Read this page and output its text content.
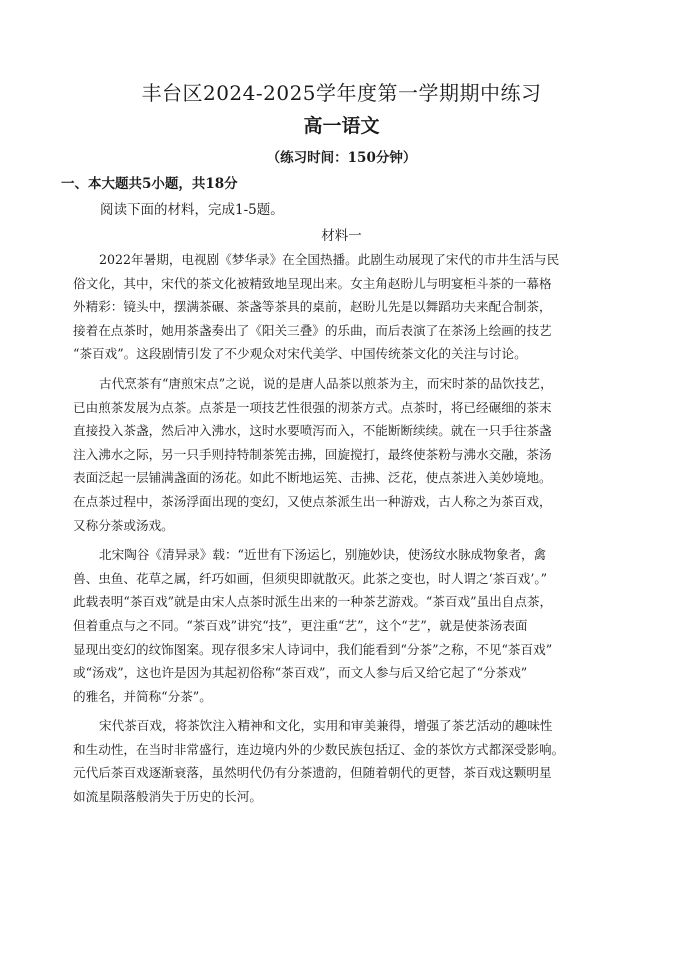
丰台区2024-2025学年度第一学期期中练习
高一语文
（练习时间：150分钟）
一、本大题共5小题，共18分
阅读下面的材料，完成1-5题。
材料一
2022年暑期，电视剧《梦华录》在全国热播。此剧生动展现了宋代的市井生活与民
俗文化，其中，宋代的茶文化被精致地呈现出来。女主角赵盼儿与明宴柜斗茶的一幕格
外精彩：镜头中，摆满茶碾、茶盏等茶具的桌前，赵盼儿先是以舞蹈功夫来配合制茶，
接着在点茶时，她用茶盏奏出了《阳关三叠》的乐曲，而后表演了在茶汤上绘画的技艺
“茶百戏”。这段剧情引发了不少观众对宋代美学、中国传统茶文化的关注与讨论。
古代烹茶有“唐煎宋点”之说，说的是唐人品茶以煎茶为主，而宋时茶的品饮技艺，
已由煎茶发展为点茶。点茶是一项技艺性很强的沏茶方式。点茶时，将已经碾细的茶末
直接投入茶盏，然后冲入沸水，这时水要喷泻而入，不能断断续续。就在一只手往茶盏
注入沸水之际，另一只手则持特制茶筅击拂，回旋搅打，最终使茶粉与沸水交融，茶汤
表面泛起一层铺满盏面的汤花。如此不断地运筅、击拂、泛花，使点茶进入美妙境地。
在点茶过程中，茶汤浮面出现的变幻，又使点茶派生出一种游戏，古人称之为茶百戏，
又称分茶或汤戏。
北宋陶谷《清异录》载：“近世有下汤运匕，别施妙诀，使汤纹水脉成物象者，禽
兽、虫鱼、花草之属，纤巧如画，但须臾即就散灭。此茶之变也，时人谓之‘茶百戏’。”
此载表明“茶百戏”就是由宋人点茶时派生出来的一种茶艺游戏。“茶百戏”虽出自点茶，
但着重点与之不同。“茶百戏”讲究“技”，更注重“艺”，这个“艺”，就是使茶汤表面
显现出变幻的纹饰图案。现存很多宋人诗词中，我们能看到“分茶”之称，不见“茶百戏”
或“汤戏”，这也许是因为其起初俗称“茶百戏”，而文人参与后又给它起了“分茶戏”
的雅名，并简称“分茶”。
宋代茶百戏，将茶饮注入精神和文化，实用和审美兼得，增强了茶艺活动的趣味性
和生动性，在当时非常盛行，连边境内外的少数民族包括辽、金的茶饮方式都深受影响。
元代后茶百戏逐渐衰落，虽然明代仍有分茶遗韵，但随着朝代的更替，茶百戏这颗明星
如流星陨落般消失于历史的长河。
